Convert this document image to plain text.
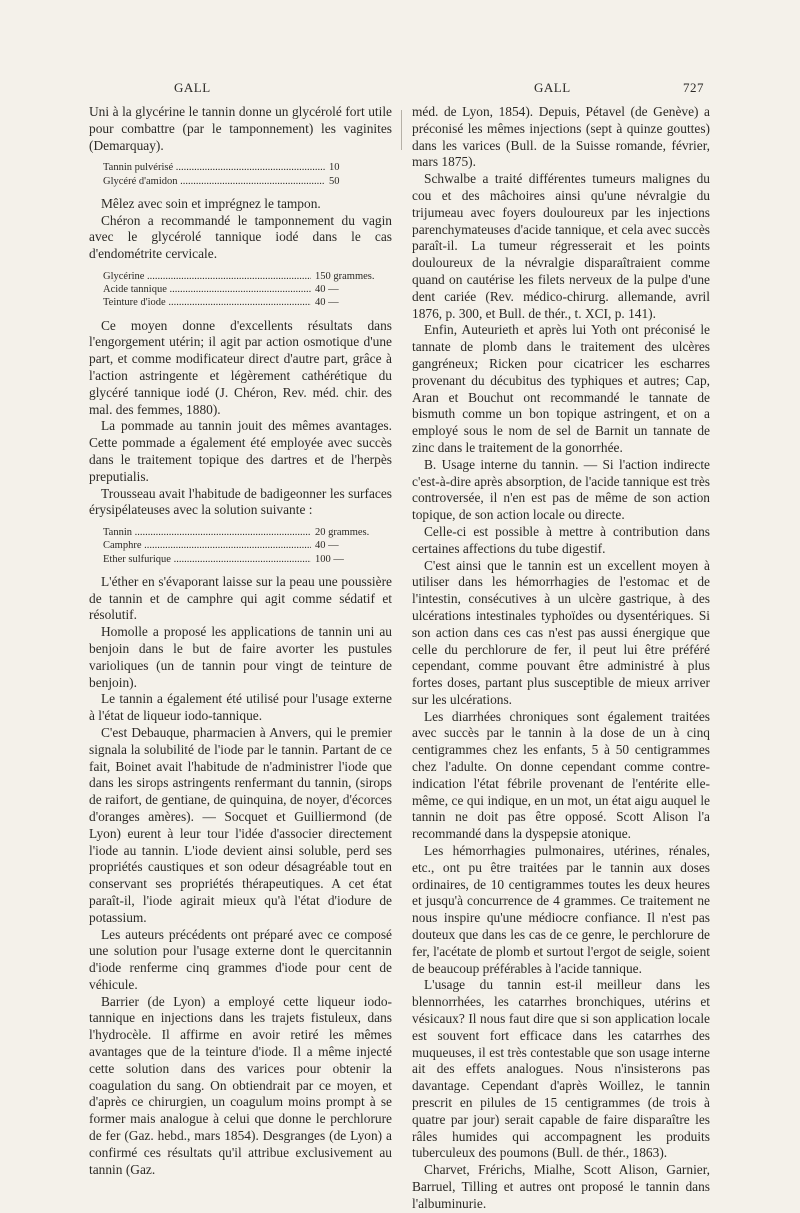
GALL	GALL	727

Uni à la glycérine le tannin donne un glycérolé fort utile pour combattre (par le tamponnement) les vaginites (Demarquay).

Tannin pulvérisé .....	10
Glycéré d'amidon .....	50

Mêlez avec soin et imprégnez le tampon.

Chéron a recommandé le tamponnement du vagin avec le glycérolé tannique iodé dans le cas d'endométrite cervicale.

Glycérine .....	150 grammes.
Acide tannique .....	40 —
Teinture d'iode .....	40 —

Ce moyen donne d'excellents résultats dans l'engorgement utérin; il agit par action osmotique d'une part, et comme modificateur direct d'autre part, grâce à l'action astringente et légèrement cathérétique du glycéré tannique iodé (J. Chéron, Rev. méd. chir. des mal. des femmes, 1880).

La pommade au tannin jouit des mêmes avantages. Cette pommade a également été employée avec succès dans le traitement topique des dartres et de l'herpès preputialis.

Trousseau avait l'habitude de badigeonner les surfaces érysipélateuses avec la solution suivante :

Tannin .....	20 grammes.
Camphre .....	40 —
Ether sulfurique .....	100 —

L'éther en s'évaporant laisse sur la peau une poussière de tannin et de camphre qui agit comme sédatif et résolutif.

Homolle a proposé les applications de tannin uni au benjoin dans le but de faire avorter les pustules varioliques (un de tannin pour vingt de teinture de benjoin).

Le tannin a également été utilisé pour l'usage externe à l'état de liqueur iodo-tannique.

C'est Debauque, pharmacien à Anvers, qui le premier signala la solubilité de l'iode par le tannin. Partant de ce fait, Boinet avait l'habitude de n'administrer l'iode que dans les sirops astringents renfermant du tannin, (sirops de raifort, de gentiane, de quinquina, de noyer, d'écorces d'oranges amères). — Socquet et Guilliermond (de Lyon) eurent à leur tour l'idée d'associer directement l'iode au tannin. L'iode devient ainsi soluble, perd ses propriétés caustiques et son odeur désagréable tout en conservant ses propriétés thérapeutiques. A cet état paraît-il, l'iode agirait mieux qu'à l'état d'iodure de potassium.

Les auteurs précédents ont préparé avec ce composé une solution pour l'usage externe dont le quercitannin d'iode renferme cinq grammes d'iode pour cent de véhicule.

Barrier (de Lyon) a employé cette liqueur iodo-tannique en injections dans les trajets fistuleux, dans l'hydrocèle. Il affirme en avoir retiré les mêmes avantages que de la teinture d'iode. Il a même injecté cette solution dans des varices pour obtenir la coagulation du sang. On obtiendrait par ce moyen, et d'après ce chirurgien, un coagulum moins prompt à se former mais analogue à celui que donne le perchlorure de fer (Gaz. hebd., mars 1854). Desgranges (de Lyon) a confirmé ces résultats qu'il attribue exclusivement au tannin (Gaz.

méd. de Lyon, 1854). Depuis, Pétavel (de Genève) a préconisé les mêmes injections (sept à quinze gouttes) dans les varices (Bull. de la Suisse romande, février, mars 1875).

Schwalbe a traité différentes tumeurs malignes du cou et des mâchoires ainsi qu'une névralgie du trijumeau avec foyers douloureux par les injections parenchymateuses d'acide tannique, et cela avec succès paraît-il. La tumeur régresserait et les points douloureux de la névralgie disparaîtraient comme quand on cautérise les filets nerveux de la pulpe d'une dent cariée (Rev. médico-chirurg. allemande, avril 1876, p. 300, et Bull. de thér., t. XCI, p. 141).

Enfin, Auteurieth et après lui Yoth ont préconisé le tannate de plomb dans le traitement des ulcères gangréneux; Ricken pour cicatricer les escharres provenant du décubitus des typhiques et autres; Cap, Aran et Bouchut ont recommandé le tannate de bismuth comme un bon topique astringent, et on a employé sous le nom de sel de Barnit un tannate de zinc dans le traitement de la gonorrhée.

B. Usage interne du tannin. — Si l'action indirecte c'est-à-dire après absorption, de l'acide tannique est très controversée, il n'en est pas de même de son action topique, de son action locale ou directe.

Celle-ci est possible à mettre à contribution dans certaines affections du tube digestif.

C'est ainsi que le tannin est un excellent moyen à utiliser dans les hémorrhagies de l'estomac et de l'intestin, consécutives à un ulcère gastrique, à des ulcérations intestinales typhoïdes ou dysentériques. Si son action dans ces cas n'est pas aussi énergique que celle du perchlorure de fer, il peut lui être préféré cependant, comme pouvant être administré à plus fortes doses, partant plus susceptible de mieux arriver sur les ulcérations.

Les diarrhées chroniques sont également traitées avec succès par le tannin à la dose de un à cinq centigrammes chez les enfants, 5 à 50 centigrammes chez l'adulte. On donne cependant comme contre-indication l'état fébrile provenant de l'entérite elle-même, ce qui indique, en un mot, un état aigu auquel le tannin ne doit pas être opposé. Scott Alison l'a recommandé dans la dyspepsie atonique.

Les hémorrhagies pulmonaires, utérines, rénales, etc., ont pu être traitées par le tannin aux doses ordinaires, de 10 centigrammes toutes les deux heures et jusqu'à concurrence de 4 grammes. Ce traitement ne nous inspire qu'une médiocre confiance. Il n'est pas douteux que dans les cas de ce genre, le perchlorure de fer, l'acétate de plomb et surtout l'ergot de seigle, soient de beaucoup préférables à l'acide tannique.

L'usage du tannin est-il meilleur dans les blennorrhées, les catarrhes bronchiques, utérins et vésicaux? Il nous faut dire que si son application locale est souvent fort efficace dans les catarrhes des muqueuses, il est très contestable que son usage interne ait des effets analogues. Nous n'insisterons pas davantage. Cependant d'après Woillez, le tannin prescrit en pilules de 15 centigrammes (de trois à quatre par jour) serait capable de faire disparaître les râles humides qui accompagnent les produits tuberculeux des poumons (Bull. de thér., 1863).

Charvet, Frérichs, Mialhe, Scott Alison, Garnier, Barruel, Tilling et autres ont proposé le tannin dans l'albuminurie.
